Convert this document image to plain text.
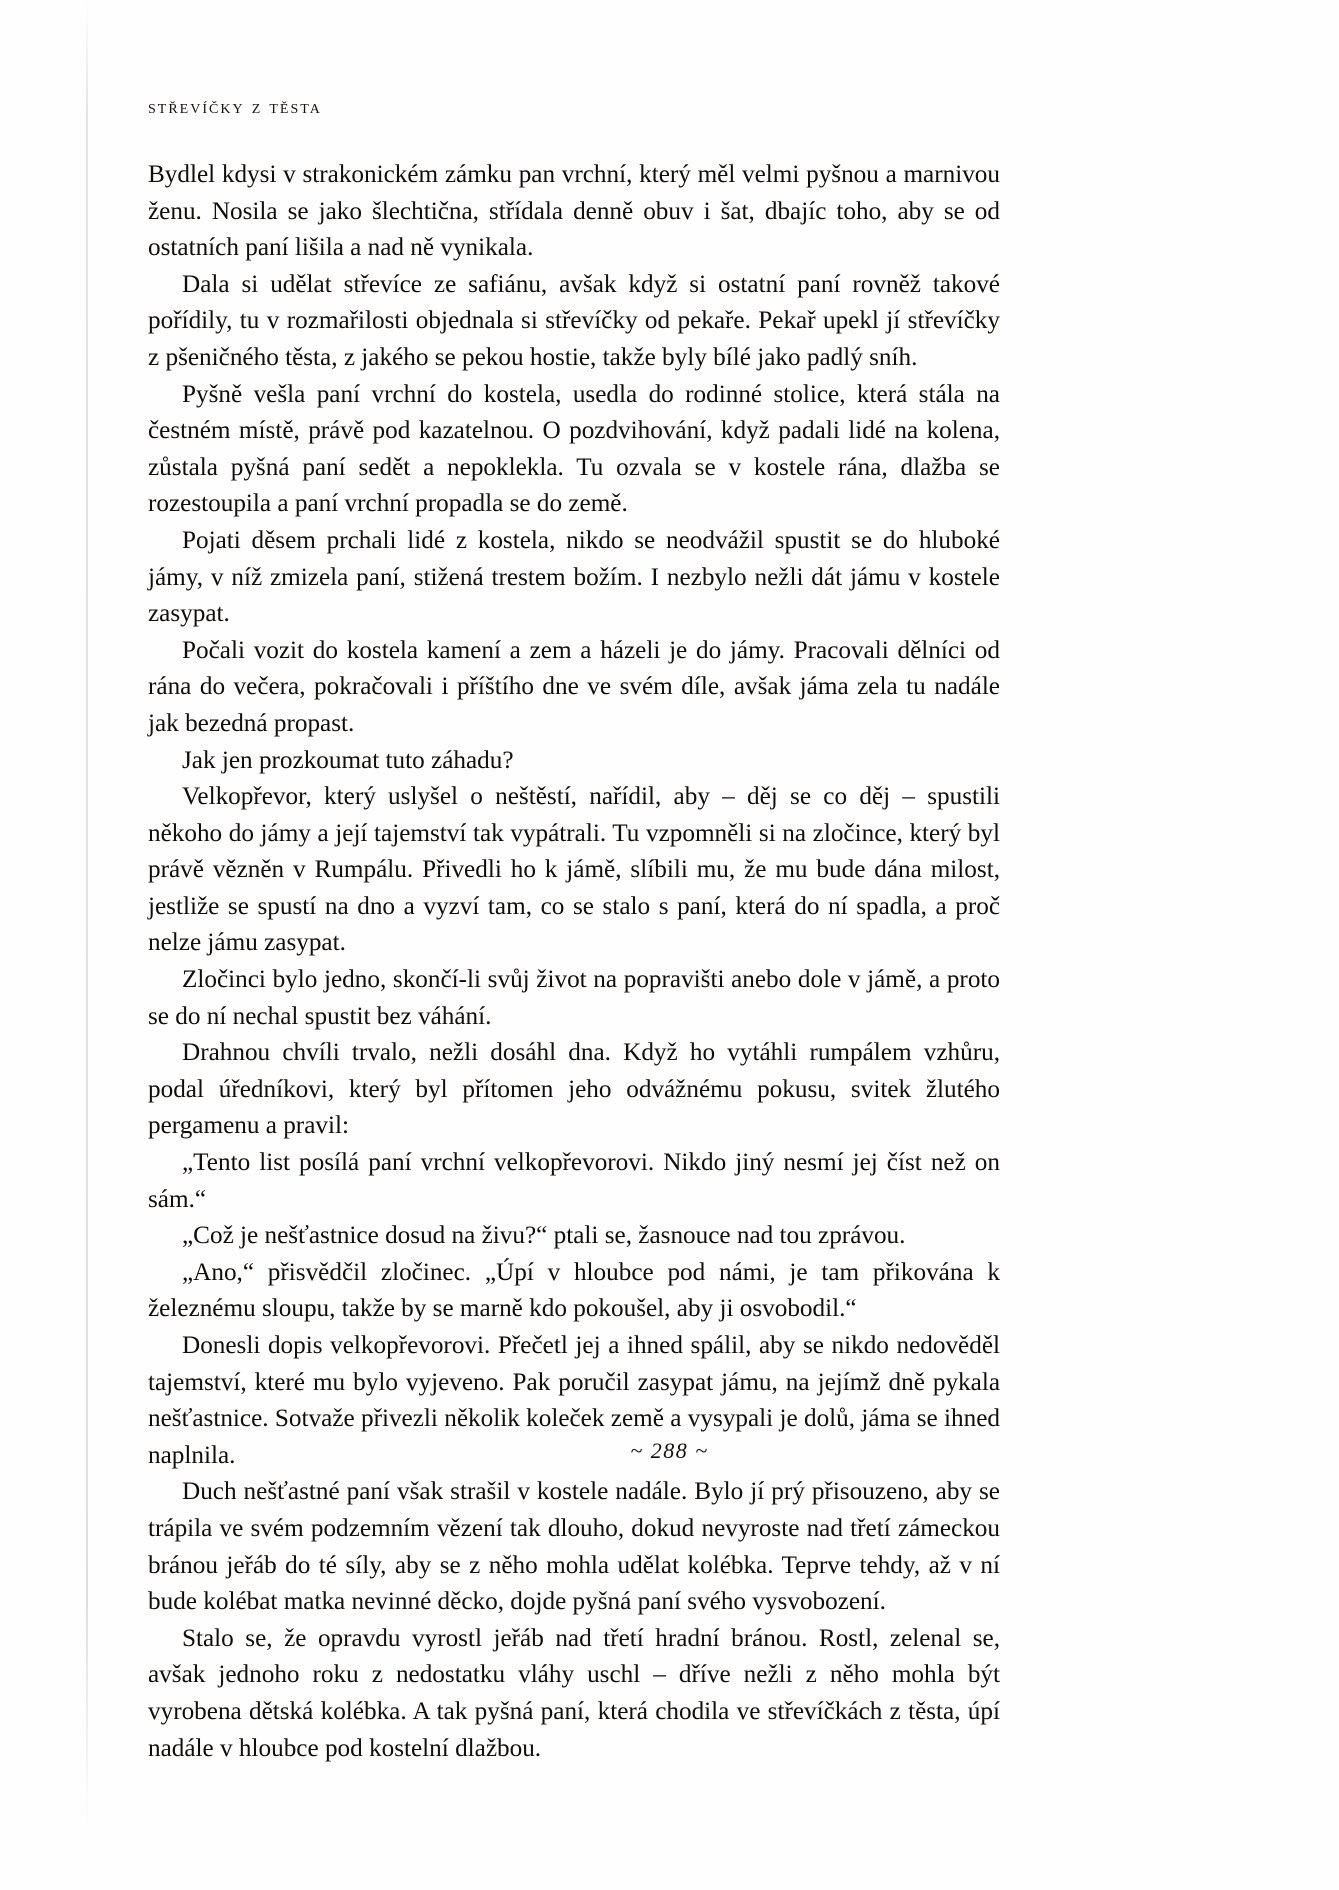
střevíčky z těsta

Bydlel kdysi v strakonickém zámku pan vrchní, který měl velmi pyšnou a marnivou ženu. Nosila se jako šlechtična, střídala denně obuv i šat, dbajíc toho, aby se od ostatních paní lišila a nad ně vynikala.

Dala si udělat střevíce ze safiánu, avšak když si ostatní paní rovněž takové pořídily, tu v rozmařilosti objednala si střevíčky od pekaře. Pekař upekl jí střevíčky z pšeničného těsta, z jakého se pekou hostie, takže byly bílé jako padlý sníh.

Pyšně vešla paní vrchní do kostela, usedla do rodinné stolice, která stála na čestném místě, právě pod kazatelnou. O pozdvihování, když padali lidé na kolena, zůstala pyšná paní sedět a nepoklekla. Tu ozvala se v kostele rána, dlažba se rozestoupila a paní vrchní propadla se do země.

Pojati děsem prchali lidé z kostela, nikdo se neodvážil spustit se do hluboké jámy, v níž zmizela paní, stižená trestem božím. I nezbylo nežli dát jámu v kostele zasypat.

Počali vozit do kostela kamení a zem a házeli je do jámy. Pracovali dělníci od rána do večera, pokračovali i příštího dne ve svém díle, avšak jáma zela tu nadále jak bezedná propast.

Jak jen prozkoumat tuto záhadu?

Velkopřevor, který uslyšel o neštěstí, nařídil, aby – děj se co děj – spustili někoho do jámy a její tajemství tak vypátrali. Tu vzpomněli si na zločince, který byl právě vězněn v Rumpálu. Přivedli ho k jámě, slíbili mu, že mu bude dána milost, jestliže se spustí na dno a vyzví tam, co se stalo s paní, která do ní spadla, a proč nelze jámu zasypat.

Zločinci bylo jedno, skončí-li svůj život na popravišti anebo dole v jámě, a proto se do ní nechal spustit bez váhání.

Drahnou chvíli trvalo, nežli dosáhl dna. Když ho vytáhli rumpálem vzhůru, podal úředníkovi, který byl přítomen jeho odvážnému pokusu, svitek žlutého pergamenu a pravil:

„Tento list posílá paní vrchní velkopřevorovi. Nikdo jiný nesmí jej číst než on sám.“

„Což je nešťastnice dosud na živu?“ ptali se, žasnouce nad tou zprávou.

„Ano,“ přisvědčil zločinec. „Úpí v hloubce pod námi, je tam přikována k železnému sloupu, takže by se marně kdo pokoušel, aby ji osvobodil.“

Donesli dopis velkopřevorovi. Přečetl jej a ihned spálil, aby se nikdo nedověděl tajemství, které mu bylo vyjeveno. Pak poručil zasypat jámu, na jejímž dně pykala nešťastnice. Sotvaže přivezli několik koleček země a vysypali je dolů, jáma se ihned naplnila.

Duch nešťastné paní však strašil v kostele nadále. Bylo jí prý přisouzeno, aby se trápila ve svém podzemním vězení tak dlouho, dokud nevyroste nad třetí zámeckou bránou jeřáb do té síly, aby se z něho mohla udělat kolébka. Teprve tehdy, až v ní bude kolébat matka nevinné děcko, dojde pyšná paní svého vysvobození.

Stalo se, že opravdu vyrostl jeřáb nad třetí hradní bránou. Rostl, zelenal se, avšak jednoho roku z nedostatku vláhy uschl – dříve nežli z něho mohla být vyrobena dětská kolébka. A tak pyšná paní, která chodila ve střevíčkách z těsta, úpí nadále v hloubce pod kostelní dlažbou.

~ 288 ~
